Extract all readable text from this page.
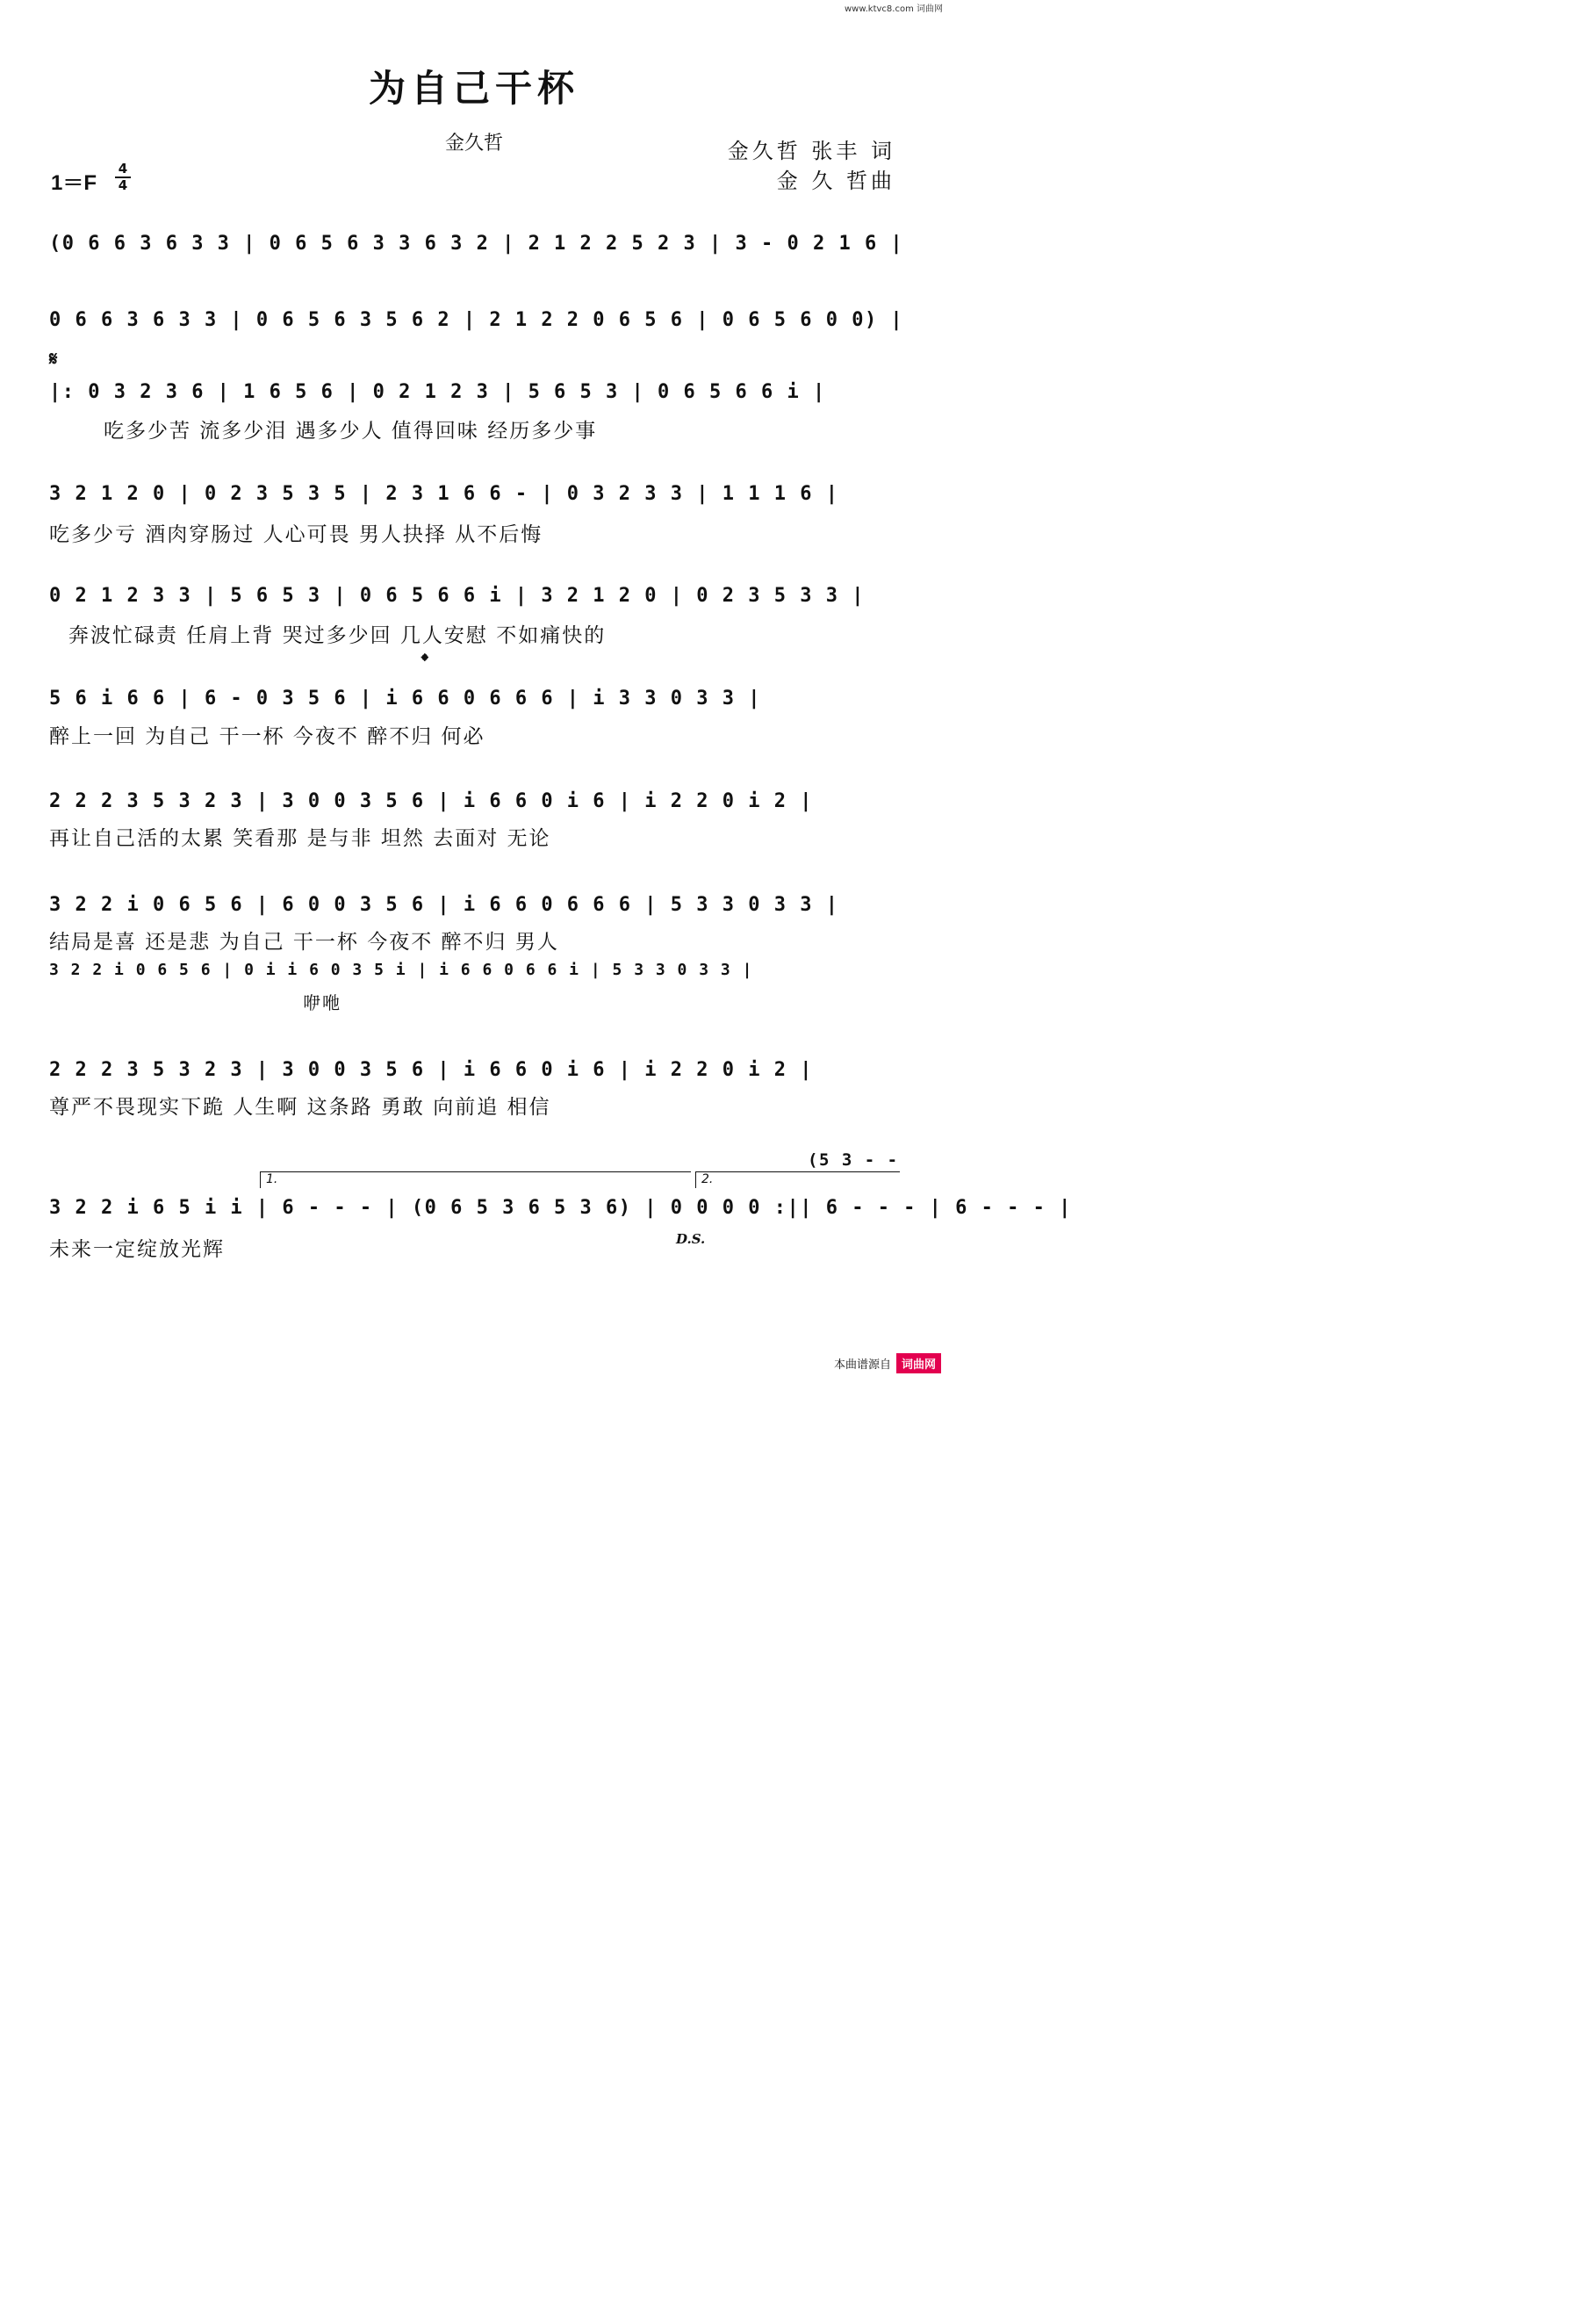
www.ktvc8.com 词曲网
为自己干杯
金久哲	金久哲 张丰 词
金 久 哲曲
1＝F
4
4
(0 6 6 3 6 3 3 | 0 6 5 6 3 3 6 3 2 | 2 1 2 2 5 2 3 | 3 - 0 2 1 6 |
0 6 6 3 6 3 3 | 0 6 5 6 3 5 6 2 | 2 1 2 2 0 6 5 6 | 0 6 5 6 0 0) |
𝄋
|: 0 3 2 3 6 | 1 6 5 6 | 0 2 1 2 3 | 5 6 5 3 | 0 6 5 6 6 i |
吃多少苦 流多少泪 遇多少人 值得回味 经历多少事
3 2 1 2 0 | 0 2 3 5 3 5 | 2 3 1 6 6 - | 0 3 2 3 3 | 1 1 1 6 |
吃多少亏 酒肉穿肠过 人心可畏 男人抉择 从不后悔
0 2 1 2 3 3 | 5 6 5 3 | 0 6 5 6 6 i | 3 2 1 2 0 | 0 2 3 5 3 3 |
奔波忙碌责 任肩上背 哭过多少回 几人安慰 不如痛快的
𝄌
5 6 i 6 6 | 6 - 0 3 5 6 | i 6 6 0 6 6 6 | i 3 3 0 3 3 |
醉上一回 为自己 干一杯 今夜不 醉不归 何必
2 2 2 3 5 3 2 3 | 3 0 0 3 5 6 | i 6 6 0 i 6 | i 2 2 0 i 2 |
再让自己活的太累 笑看那 是与非 坦然 去面对 无论
3 2 2 i 0 6 5 6 | 6 0 0 3 5 6 | i 6 6 0 6 6 6 | 5 3 3 0 3 3 |
结局是喜 还是悲 为自己 干一杯 今夜不 醉不归 男人
3 2 2 i 0 6 5 6 | 0 i i 6 0 3 5 i | i 6 6 0 6 6 i | 5 3 3 0 3 3 |
咿咃
2 2 2 3 5 3 2 3 | 3 0 0 3 5 6 | i 6 6 0 i 6 | i 2 2 0 i 2 |
尊严不畏现实下跪 人生啊 这条路 勇敢 向前追 相信
(5 3 - -
1.	2.
3 2 2 i 6 5 i i | 6 - - - | (0 6 5 3 6 5 3 6) | 0 0 0 0 :|| 6 - - - | 6 - - - |
未来一定绽放光辉	D.S.
本曲谱源自 词曲网
